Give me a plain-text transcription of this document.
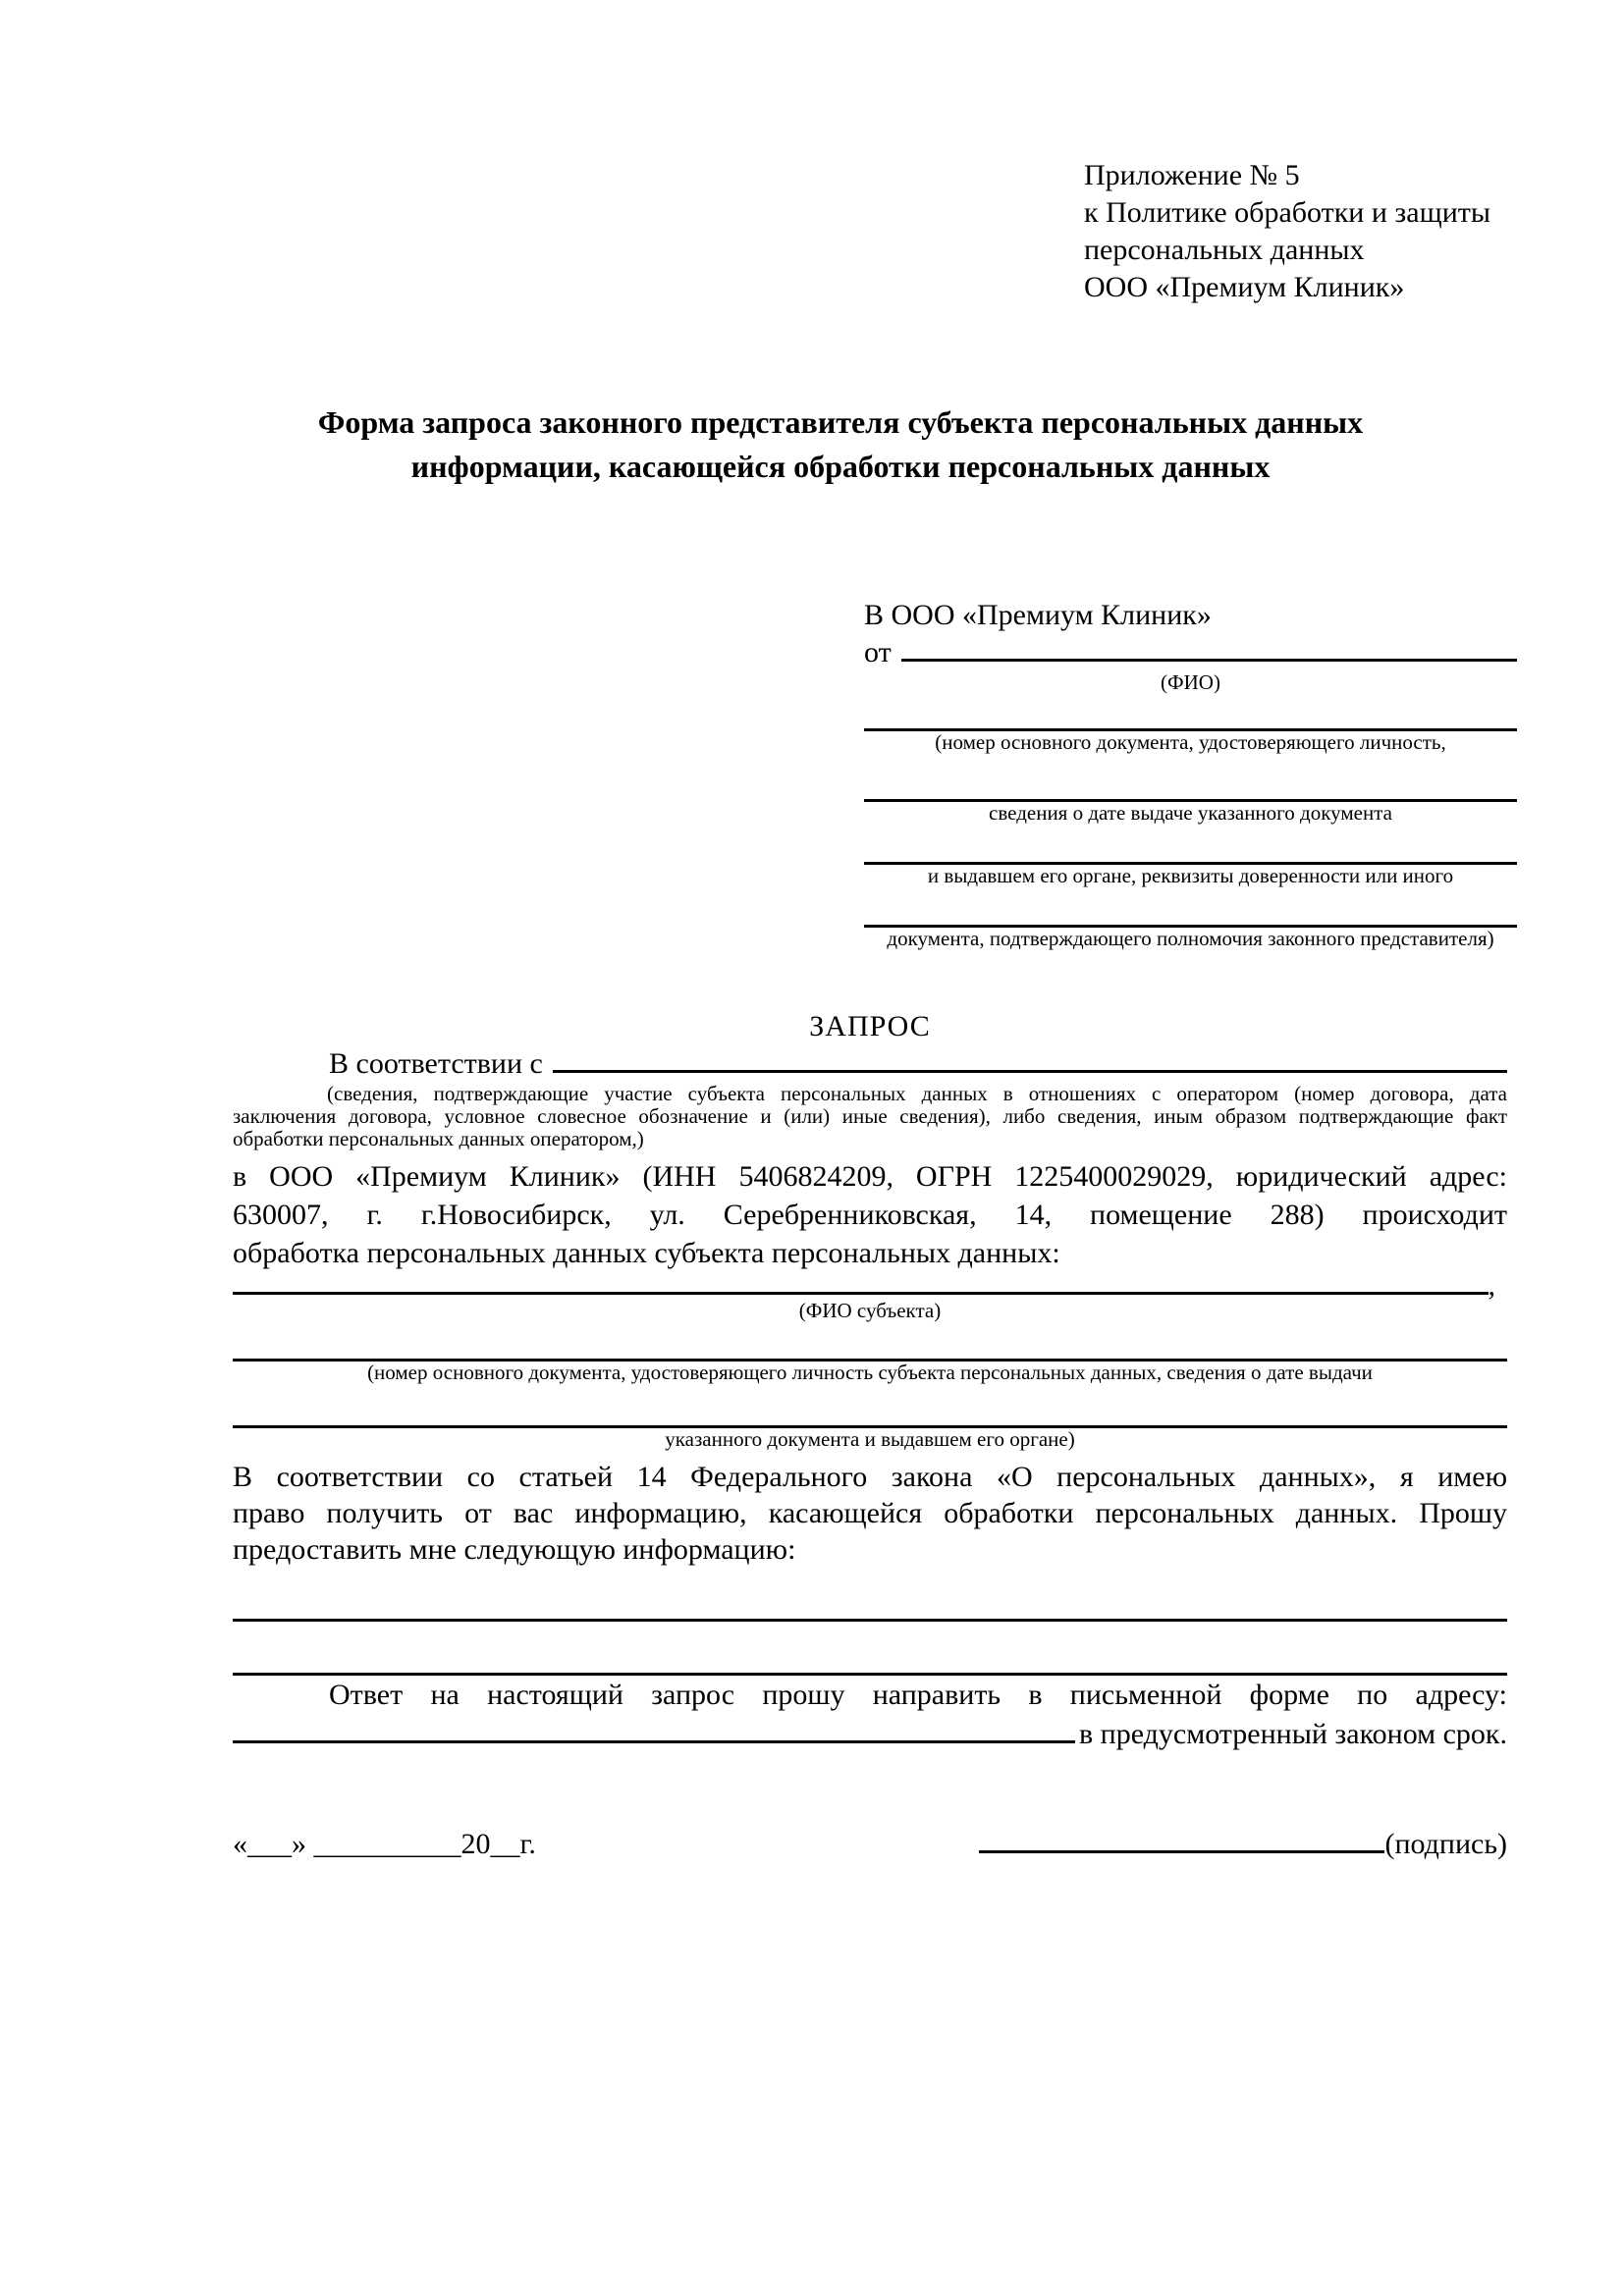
Приложение № 5
к Политике обработки и защиты
персональных данных
ООО «Премиум Клиник»
Форма запроса законного представителя субъекта персональных данных
информации, касающейся обработки персональных данных
В ООО «Премиум Клиник»
от
(ФИО)
(номер основного документа, удостоверяющего личность,
сведения о дате выдаче указанного документа
и выдавшем его органе, реквизиты доверенности или иного
документа, подтверждающего полномочия законного представителя)
ЗАПРОС
В соответствии с
(сведения, подтверждающие участие субъекта персональных данных в отношениях с оператором (номер договора, дата
заключения договора, условное словесное обозначение и (или) иные сведения), либо сведения, иным образом подтверждающие факт
обработки персональных данных оператором,)
в ООО «Премиум Клиник» (ИНН 5406824209, ОГРН 1225400029029, юридический адрес:
630007, г. г.Новосибирск, ул. Серебренниковская, 14, помещение 288) происходит
обработка персональных данных субъекта персональных данных:
,
(ФИО субъекта)
(номер основного документа, удостоверяющего личность субъекта персональных данных, сведения о дате выдачи
указанного документа и выдавшем его органе)
В соответствии со статьей 14 Федерального закона «О персональных данных», я имею
право получить от вас информацию, касающейся обработки персональных данных. Прошу
предоставить мне следующую информацию:
Ответ на настоящий запрос прошу направить в письменной форме по адресу:
в предусмотренный законом срок.
«___» __________20__г.	(подпись)
